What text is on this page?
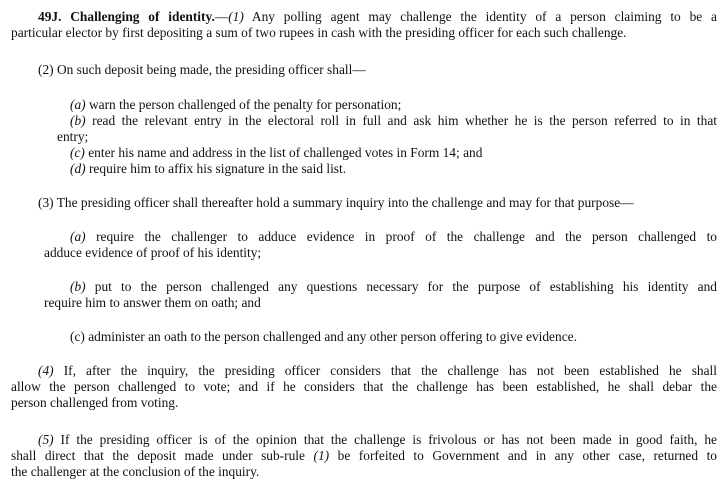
49J. Challenging of identity.—(1) Any polling agent may challenge the identity of a person claiming to be a
particular elector by first depositing a sum of two rupees in cash with the presiding officer for each such challenge.
(2) On such deposit being made, the presiding officer shall—
(a) warn the person challenged of the penalty for personation;
(b) read the relevant entry in the electoral roll in full and ask him whether he is the person referred to in that
entry;
(c) enter his name and address in the list of challenged votes in Form 14; and
(d) require him to affix his signature in the said list.
(3) The presiding officer shall thereafter hold a summary inquiry into the challenge and may for that purpose—
(a) require the challenger to adduce evidence in proof of the challenge and the person challenged to
adduce evidence of proof of his identity;
(b) put to the person challenged any questions necessary for the purpose of establishing his identity and
require him to answer them on oath; and
(c) administer an oath to the person challenged and any other person offering to give evidence.
(4) If, after the inquiry, the presiding officer considers that the challenge has not been established he shall
allow the person challenged to vote; and if he considers that the challenge has been established, he shall debar the
person challenged from voting.
(5) If the presiding officer is of the opinion that the challenge is frivolous or has not been made in good faith, he
shall direct that the deposit made under sub-rule (1) be forfeited to Government and in any other case, returned to
the challenger at the conclusion of the inquiry.
